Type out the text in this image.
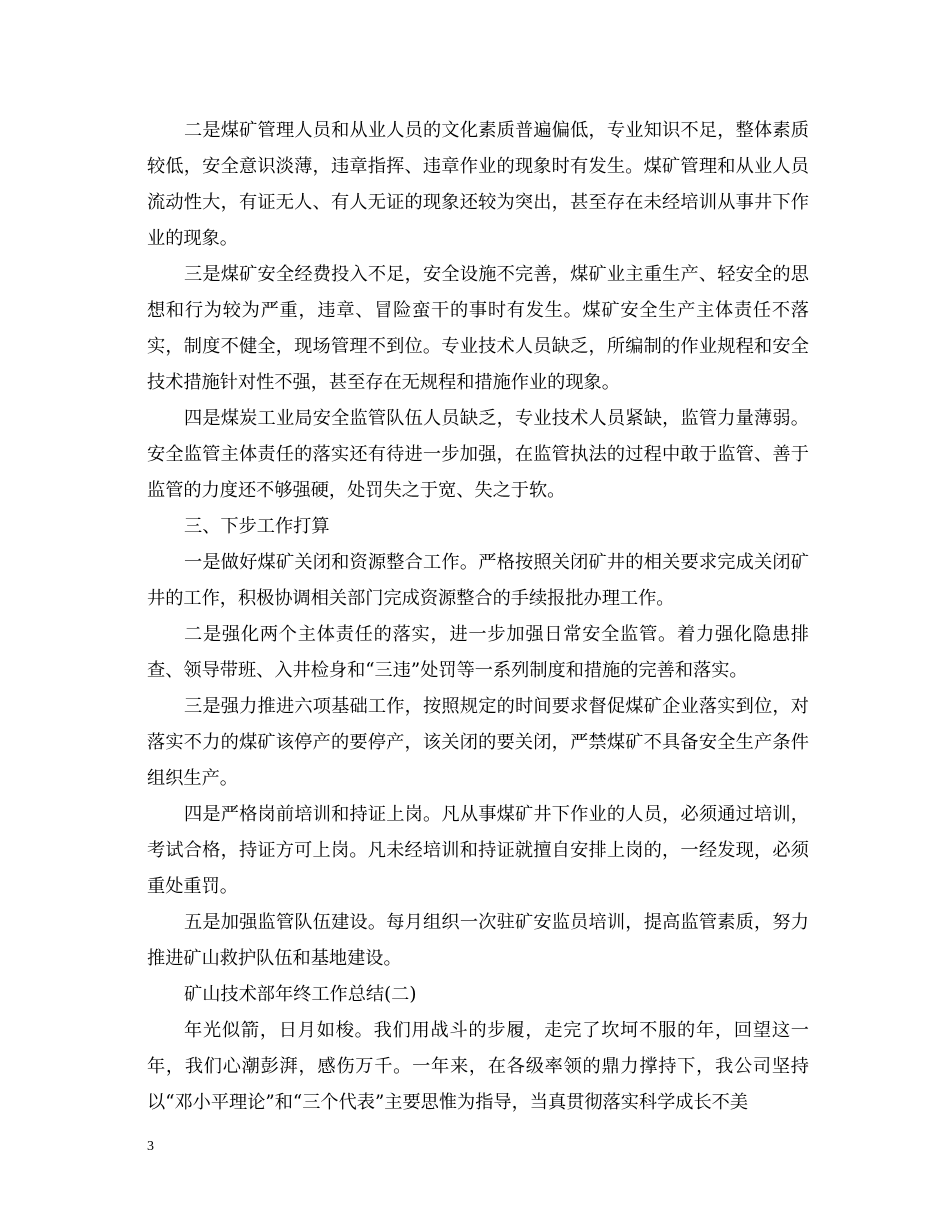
二是煤矿管理人员和从业人员的文化素质普遍偏低，专业知识不足，整体素质较低，安全意识淡薄，违章指挥、违章作业的现象时有发生。煤矿管理和从业人员流动性大，有证无人、有人无证的现象还较为突出，甚至存在未经培训从事井下作业的现象。

三是煤矿安全经费投入不足，安全设施不完善，煤矿业主重生产、轻安全的思想和行为较为严重，违章、冒险蛮干的事时有发生。煤矿安全生产主体责任不落实，制度不健全，现场管理不到位。专业技术人员缺乏，所编制的作业规程和安全技术措施针对性不强，甚至存在无规程和措施作业的现象。

四是煤炭工业局安全监管队伍人员缺乏，专业技术人员紧缺，监管力量薄弱。安全监管主体责任的落实还有待进一步加强，在监管执法的过程中敢于监管、善于监管的力度还不够强硬，处罚失之于宽、失之于软。

三、下步工作打算

一是做好煤矿关闭和资源整合工作。严格按照关闭矿井的相关要求完成关闭矿井的工作，积极协调相关部门完成资源整合的手续报批办理工作。

二是强化两个主体责任的落实，进一步加强日常安全监管。着力强化隐患排查、领导带班、入井检身和“三违”处罚等一系列制度和措施的完善和落实。

三是强力推进六项基础工作，按照规定的时间要求督促煤矿企业落实到位，对落实不力的煤矿该停产的要停产，该关闭的要关闭，严禁煤矿不具备安全生产条件组织生产。

四是严格岗前培训和持证上岗。凡从事煤矿井下作业的人员，必须通过培训，考试合格，持证方可上岗。凡未经培训和持证就擅自安排上岗的，一经发现，必须重处重罚。

五是加强监管队伍建设。每月组织一次驻矿安监员培训，提高监管素质，努力推进矿山救护队伍和基地建设。

矿山技术部年终工作总结(二)

年光似箭，日月如梭。我们用战斗的步履，走完了坎坷不服的年，回望这一年，我们心潮彭湃，感伤万千。一年来，在各级率领的鼎力撑持下，我公司坚持以“邓小平理论”和“三个代表”主要思惟为指导，当真贯彻落实科学成长不美

3
